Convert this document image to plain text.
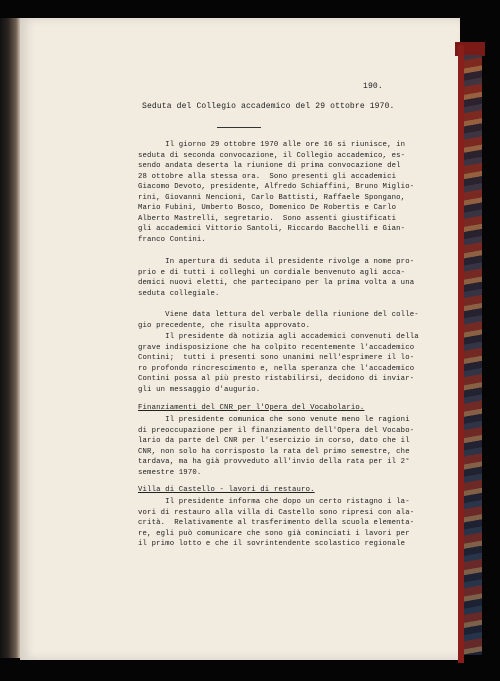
190.
Seduta del Collegio accademico del 29 ottobre 1970.
Il giorno 29 ottobre 1970 alle ore 16 si riunisce, in
seduta di seconda convocazione, il Collegio accademico, es-
sendo andata deserta la riunione di prima convocazione del
28 ottobre alla stessa ora.  Sono presenti gli accademici
Giacomo Devoto, presidente, Alfredo Schiaffini, Bruno Miglio-
rini, Giovanni Nencioni, Carlo Battisti, Raffaele Spongano,
Mario Fubini, Umberto Bosco, Domenico De Robertis e Carlo
Alberto Mastrelli, segretario.  Sono assenti giustificati
gli accademici Vittorio Santoli, Riccardo Bacchelli e Gian-
franco Contini.
In apertura di seduta il presidente rivolge a nome pro-
prio e di tutti i colleghi un cordiale benvenuto agli acca-
demici nuovi eletti, che partecipano per la prima volta a una
seduta collegiale.
Viene data lettura del verbale della riunione del colle-
gio precedente, che risulta approvato.
Il presidente dà notizia agli accademici convenuti della
grave indisposizione che ha colpito recentemente l'accademico
Contini;  tutti i presenti sono unanimi nell'esprimere il lo-
ro profondo rincrescimento e, nella speranza che l'accademico
Contini possa al più presto ristabilirsi, decidono di inviar-
gli un messaggio d'augurio.
Finanziamenti del CNR per l'Opera del Vocabolario.
Il presidente comunica che sono venute meno le ragioni
di preoccupazione per il finanziamento dell'Opera del Vocabo-
lario da parte del CNR per l'esercizio in corso, dato che il
CNR, non solo ha corrisposto la rata del primo semestre, che
tardava, ma ha già provveduto all'invio della rata per il 2°
semestre 1970.
Villa di Castello - lavori di restauro.
Il presidente informa che dopo un certo ristagno i la-
vori di restauro alla villa di Castello sono ripresi con ala-
crità.  Relativamente al trasferimento della scuola elementa-
re, egli può comunicare che sono già cominciati i lavori per
il primo lotto e che il sovrintendente scolastico regionale
